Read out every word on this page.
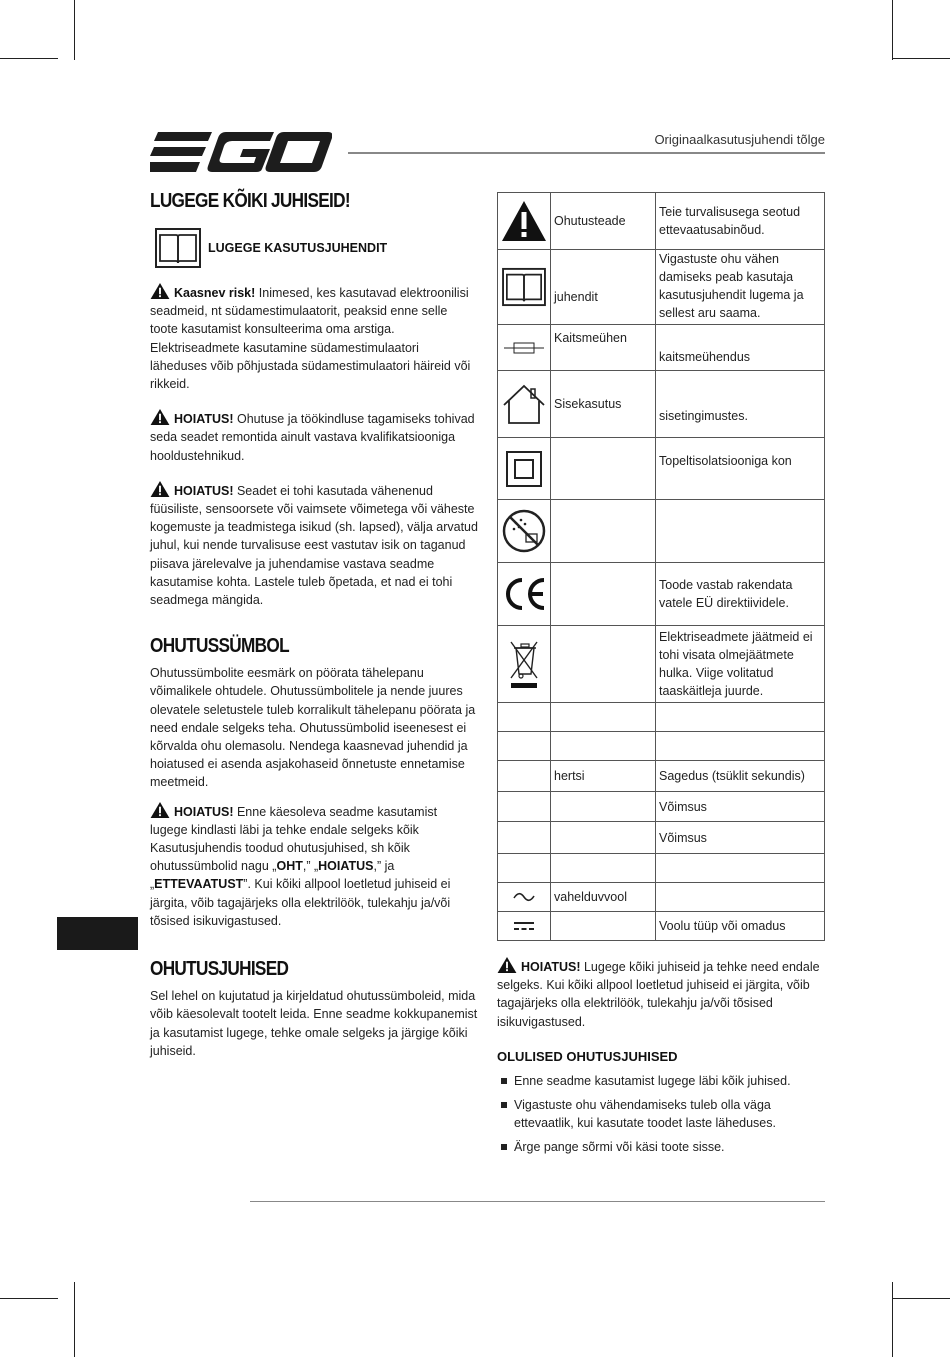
Originaalkasutusjuhendi tõlge
LUGEGE KÕIKI JUHISEID!
LUGEGE KASUTUSJUHENDIT

Kaasnev risk! Inimesed, kes kasutavad elektroonilisi seadmeid, nt südamestimulaatorit, peaksid enne selle toote kasutamist konsulteerima oma arstiga. Elektriseadmete kasutamine südamestimulaatori läheduses võib põhjustada südamestimulaatori häireid või rikkeid.

HOIATUS! Ohutuse ja töökindluse tagamiseks tohivad seda seadet remontida ainult vastava kvalifikatsiooniga hooldustehnikud.

HOIATUS! Seadet ei tohi kasutada vähenenud füüsiliste, sensoorsete või vaimsete võimetega või väheste kogemuste ja teadmistega isikud (sh. lapsed), välja arvatud juhul, kui nende turvalisuse eest vastutav isik on taganud piisava järelevalve ja juhendamise vastava seadme kasutamise kohta. Lastele tuleb õpetada, et nad ei tohi seadmega mängida.

OHUTUSSÜMBOL

Ohutussümbolite eesmärk on pöörata tähelepanu võimalikele ohtudele. Ohutussümbolitele ja nende juures olevatele seletustele tuleb korralikult tähelepanu pöörata ja need endale selgeks teha. Ohutussümbolid iseenesest ei kõrvalda ohu olemasolu. Nendega kaasnevad juhendid ja hoiatused ei asenda asjakohaseid õnnetuste ennetamise meetmeid.

HOIATUS! Enne käesoleva seadme kasutamist lugege kindlasti läbi ja tehke endale selgeks kõik Kasutusjuhendis toodud ohutusjuhised, sh kõik ohutussümbolid nagu „OHT,” „HOIATUS,” ja „ETTEVAATUST”. Kui kõiki allpool loetletud juhiseid ei järgita, võib tagajärjeks olla elektrilöök, tulekahju ja/või tõsised isikuvigastused.

OHUTUSJUHISED

Sel lehel on kujutatud ja kirjeldatud ohutussümboleid, mida võib käesolevalt tootelt leida. Enne seadme kokkupanemist ja kasutamist lugege, tehke omale selgeks ja järgige kõiki juhiseid.

	Ohutusteade	Teie turvalisusega seotud ettevaatusabinõud.

	juhendit	Vigastuste ohu vähen damiseks peab kasutaja kasutusjuhendit lugema ja sellest aru saama.

	Kaitsmeühen	kaitsmeühendus

	Sisekasutus	sisetingimustes.

		Topeltisolatsiooniga kon

		Toode vastab rakendata vatele EÜ direktiividele.

		Elektriseadmete jäätmeid ei tohi visata olmejäätmete hulka. Viige volitatud taaskäitleja juurde.

	hertsi	Sagedus (tsüklit sekundis)
		Võimsus
		Võimsus

	vahelduvvool	

		Voolu tüüp või omadus

HOIATUS! Lugege kõiki juhiseid ja tehke need endale selgeks. Kui kõiki allpool loetletud juhiseid ei järgita, võib tagajärjeks olla elektrilöök, tulekahju ja/või tõsised isikuvigastused.

OLULISED OHUTUSJUHISED

Enne seadme kasutamist lugege läbi kõik juhised.
Vigastuste ohu vähendamiseks tuleb olla väga ettevaatlik, kui kasutate toodet laste läheduses.
Ärge pange sõrmi või käsi toote sisse.
